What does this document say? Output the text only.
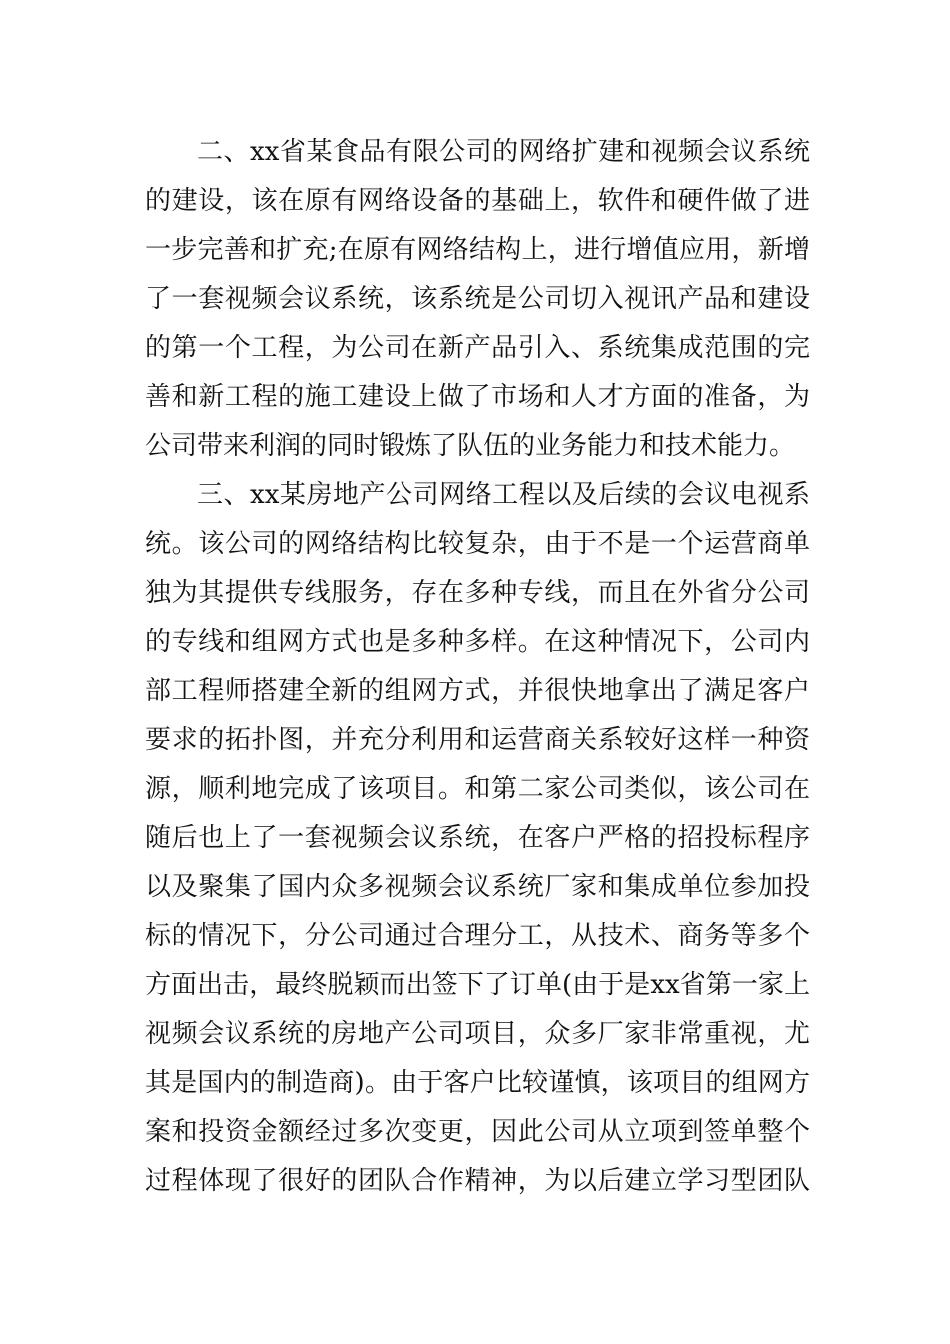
二、xx省某食品有限公司的网络扩建和视频会议系统
的建设，该在原有网络设备的基础上，软件和硬件做了进
一步完善和扩充;在原有网络结构上，进行增值应用，新增
了一套视频会议系统，该系统是公司切入视讯产品和建设
的第一个工程，为公司在新产品引入、系统集成范围的完
善和新工程的施工建设上做了市场和人才方面的准备，为
公司带来利润的同时锻炼了队伍的业务能力和技术能力。
三、xx某房地产公司网络工程以及后续的会议电视系
统。该公司的网络结构比较复杂，由于不是一个运营商单
独为其提供专线服务，存在多种专线，而且在外省分公司
的专线和组网方式也是多种多样。在这种情况下，公司内
部工程师搭建全新的组网方式，并很快地拿出了满足客户
要求的拓扑图，并充分利用和运营商关系较好这样一种资
源，顺利地完成了该项目。和第二家公司类似，该公司在
随后也上了一套视频会议系统，在客户严格的招投标程序
以及聚集了国内众多视频会议系统厂家和集成单位参加投
标的情况下，分公司通过合理分工，从技术、商务等多个
方面出击，最终脱颖而出签下了订单(由于是xx省第一家上
视频会议系统的房地产公司项目，众多厂家非常重视，尤
其是国内的制造商)。由于客户比较谨慎，该项目的组网方
案和投资金额经过多次变更，因此公司从立项到签单整个
过程体现了很好的团队合作精神，为以后建立学习型团队
